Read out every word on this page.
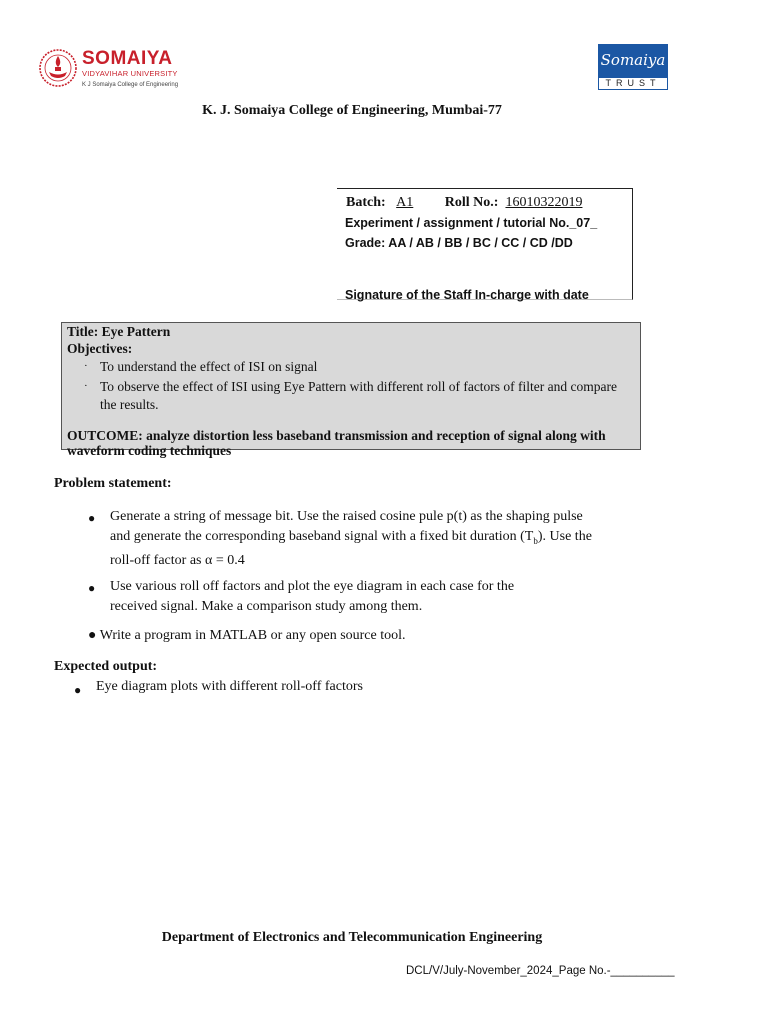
SOMAIYA
VIDYAVIHAR UNIVERSITY
K J Somaiya College of Engineering
Somaiya
TRUST
K. J. Somaiya College of Engineering, Mumbai-77
Batch: A1 Roll No.: 16010322019
Experiment / assignment / tutorial No._07_
Grade: AA / AB / BB / BC / CC / CD /DD
Signature of the Staff In-charge with date
Title: Eye Pattern
Objectives:
· To understand the effect of ISI on signal
· To observe the effect of ISI using Eye Pattern with different roll of factors of filter and compare the results.
OUTCOME: analyze distortion less baseband transmission and reception of signal along with waveform coding techniques
Problem statement:
● Generate a string of message bit. Use the raised cosine pule p(t) as the shaping pulse
and generate the corresponding baseband signal with a fixed bit duration $(T_b)$. Use the
roll-off factor as α = 0.4
● Use various roll off factors and plot the eye diagram in each case for the received signal. Make a comparison study among them.
● Write a program in MATLAB or any open source tool.
Expected output:
● Eye diagram plots with different roll-off factors
Department of Electronics and Telecommunication Engineering
DCL/V/July-November_2024_Page No.-__________
